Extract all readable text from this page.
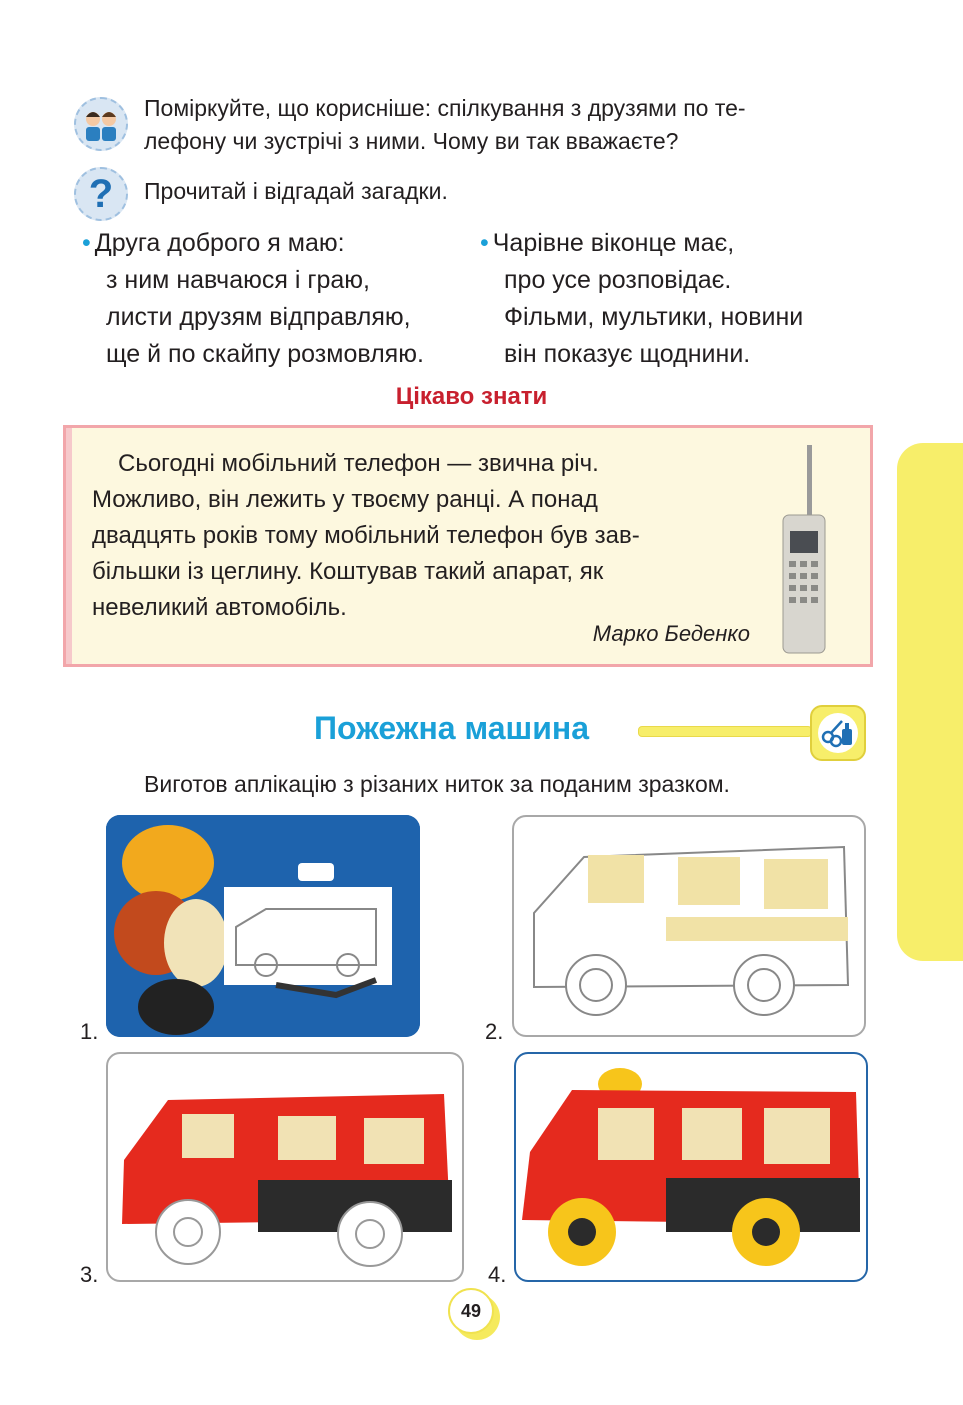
Поміркуйте, що корисніше: спілкування з друзями по те-
лефону чи зустрічі з ними. Чому ви так вважаєте?
?	Прочитай і відгадай загадки.
• Друга доброго я маю:
з ним навчаюся і граю,
листи друзям відправляю,
ще й по скайпу розмовляю.
• Чарівне віконце має,
про усе розповідає.
Фільми, мультики, новини
він показує щоднини.
Цікаво знати
Сьогодні мобільний телефон — звична річ.
Можливо, він лежить у твоєму ранці. А понад
двадцять років тому мобільний телефон був зав-
більшки із цеглину. Коштував такий апарат, як
невеликий автомобіль.
Марко Беденко
Пожежна машина
Виготов аплікацію з різаних ниток за поданим зразком.
1.	2.
3.	4.
49
